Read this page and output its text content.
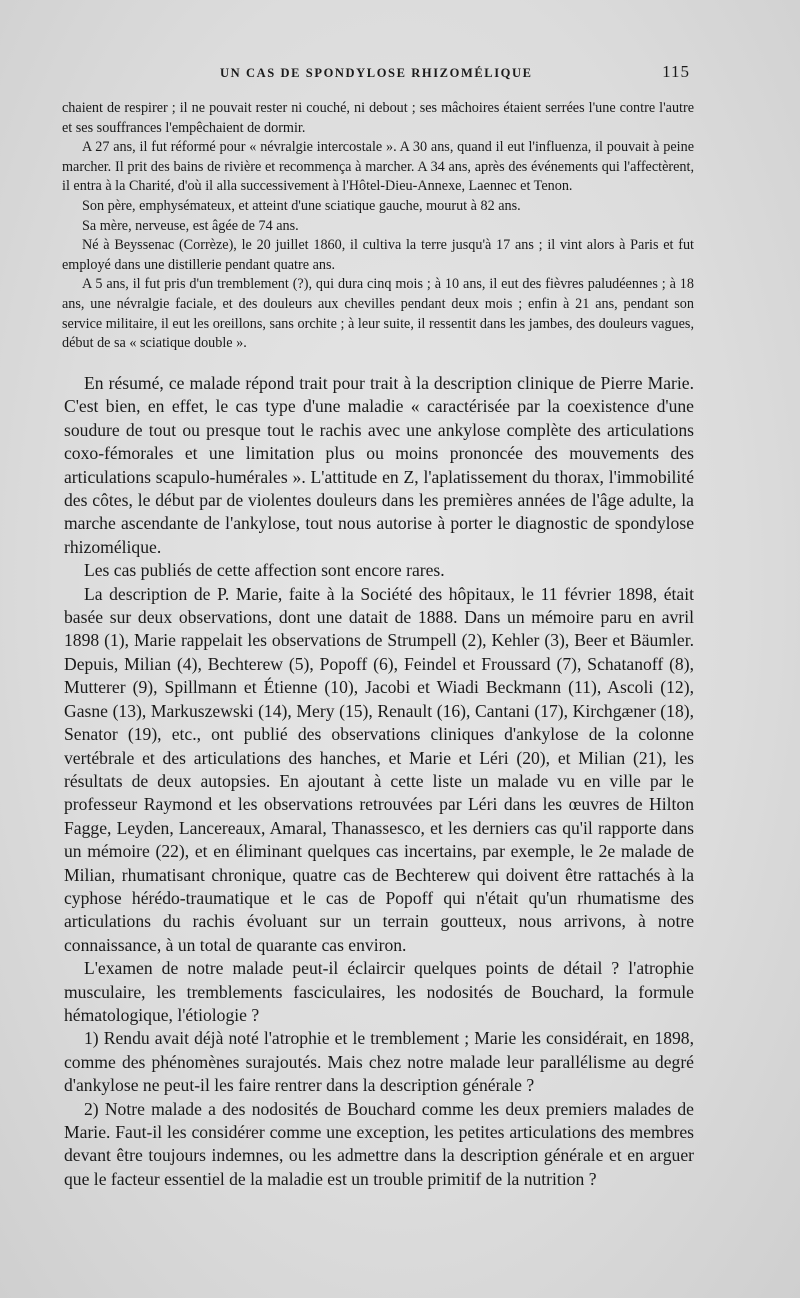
UN CAS DE SPONDYLOSE RHIZOMÉLIQUE	115

chaient de respirer ; il ne pouvait rester ni couché, ni debout ; ses mâchoires étaient serrées l'une contre l'autre et ses souffrances l'empêchaient de dormir.

A 27 ans, il fut réformé pour « névralgie intercostale ». A 30 ans, quand il eut l'influenza, il pouvait à peine marcher. Il prit des bains de rivière et recommença à marcher. A 34 ans, après des événements qui l'affectèrent, il entra à la Charité, d'où il alla successivement à l'Hôtel-Dieu-Annexe, Laennec et Tenon.

Son père, emphysémateux, et atteint d'une sciatique gauche, mourut à 82 ans.

Sa mère, nerveuse, est âgée de 74 ans.

Né à Beyssenac (Corrèze), le 20 juillet 1860, il cultiva la terre jusqu'à 17 ans ; il vint alors à Paris et fut employé dans une distillerie pendant quatre ans.

A 5 ans, il fut pris d'un tremblement (?), qui dura cinq mois ; à 10 ans, il eut des fièvres paludéennes ; à 18 ans, une névralgie faciale, et des douleurs aux chevilles pendant deux mois ; enfin à 21 ans, pendant son service militaire, il eut les oreillons, sans orchite ; à leur suite, il ressentit dans les jambes, des douleurs vagues, début de sa « sciatique double ».

En résumé, ce malade répond trait pour trait à la description clinique de Pierre Marie. C'est bien, en effet, le cas type d'une maladie « caractérisée par la coexistence d'une soudure de tout ou presque tout le rachis avec une ankylose complète des articulations coxo-fémorales et une limitation plus ou moins prononcée des mouvements des articulations scapulo-humérales ». L'attitude en Z, l'aplatissement du thorax, l'immobilité des côtes, le début par de violentes douleurs dans les premières années de l'âge adulte, la marche ascendante de l'ankylose, tout nous autorise à porter le diagnostic de spondylose rhizomélique.

Les cas publiés de cette affection sont encore rares.

La description de P. Marie, faite à la Société des hôpitaux, le 11 février 1898, était basée sur deux observations, dont une datait de 1888. Dans un mémoire paru en avril 1898 (1), Marie rappelait les observations de Strumpell (2), Kehler (3), Beer et Bäumler. Depuis, Milian (4), Bechterew (5), Popoff (6), Feindel et Froussard (7), Schatanoff (8), Mutterer (9), Spillmann et Étienne (10), Jacobi et Wiadi Beckmann (11), Ascoli (12), Gasne (13), Markuszewski (14), Mery (15), Renault (16), Cantani (17), Kirchgæner (18), Senator (19), etc., ont publié des observations cliniques d'ankylose de la colonne vertébrale et des articulations des hanches, et Marie et Léri (20), et Milian (21), les résultats de deux autopsies. En ajoutant à cette liste un malade vu en ville par le professeur Raymond et les observations retrouvées par Léri dans les œuvres de Hilton Fagge, Leyden, Lancereaux, Amaral, Thanassesco, et les derniers cas qu'il rapporte dans un mémoire (22), et en éliminant quelques cas incertains, par exemple, le 2e malade de Milian, rhumatisant chronique, quatre cas de Bechterew qui doivent être rattachés à la cyphose hérédo-traumatique et le cas de Popoff qui n'était qu'un rhumatisme des articulations du rachis évoluant sur un terrain goutteux, nous arrivons, à notre connaissance, à un total de quarante cas environ.

L'examen de notre malade peut-il éclaircir quelques points de détail ? l'atrophie musculaire, les tremblements fasciculaires, les nodosités de Bouchard, la formule hématologique, l'étiologie ?

1) Rendu avait déjà noté l'atrophie et le tremblement ; Marie les considérait, en 1898, comme des phénomènes surajoutés. Mais chez notre malade leur parallélisme au degré d'ankylose ne peut-il les faire rentrer dans la description générale ?

2) Notre malade a des nodosités de Bouchard comme les deux premiers malades de Marie. Faut-il les considérer comme une exception, les petites articulations des membres devant être toujours indemnes, ou les admettre dans la description générale et en arguer que le facteur essentiel de la maladie est un trouble primitif de la nutrition ?
